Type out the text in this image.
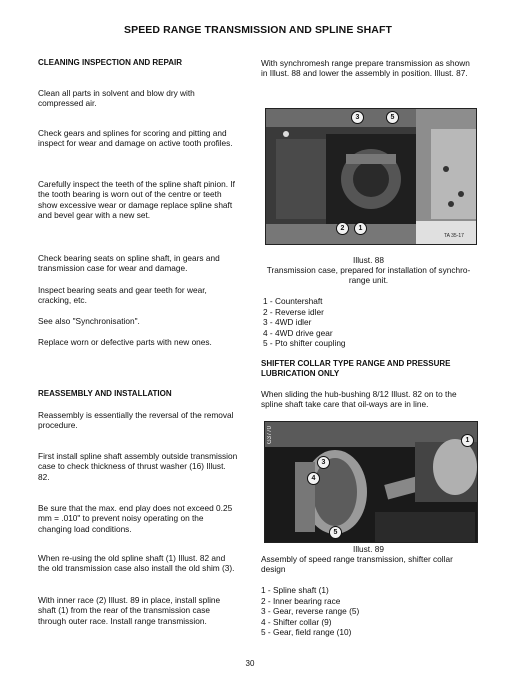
SPEED RANGE TRANSMISSION AND SPLINE SHAFT
CLEANING INSPECTION AND REPAIR
Clean all parts in solvent and blow dry with compressed air.
Check gears and splines for scoring and pitting and inspect for wear and damage on active tooth profiles.
Carefully inspect the teeth of the spline shaft pinion. If the tooth bearing is worn out of the centre or teeth show excessive wear or damage replace spline shaft and bevel gear with a new set.
Check bearing seats on spline shaft, in gears and transmission case for wear and damage.
Inspect bearing seats and gear teeth for wear, cracking, etc.
See also "Synchronisation".
Replace worn or defective parts with new ones.
REASSEMBLY AND INSTALLATION
Reassembly is essentially the reversal of the removal procedure.
First install spline shaft assembly outside transmission case to check thickness of thrust washer (16) Illust. 82.
Be sure that the max. end play does not exceed 0.25 mm = .010" to prevent noisy operating on the changing load conditions.
When re-using the old spline shaft (1) Illust. 82 and the old transmission case also install the old shim (3).
With inner race (2) Illust. 89 in place, install spline shaft (1) from the rear of the transmission case through outer race. Install range transmission.
With synchromesh range prepare transmission as shown in Illust. 88 and lower the assembly in position. Illust. 87.
3	5
2	1
TA 35-17
Illust. 88
Transmission case, prepared for installation of synchro-range unit.
1 - Countershaft
2 - Reverse idler
3 - 4WD idler
4 - 4WD drive gear
5 - Pto shifter coupling
SHIFTER COLLAR TYPE RANGE AND PRESSURE LUBRICATION ONLY
When sliding the hub-bushing 8/12 Illust. 82 on to the spline shaft take care that oil-ways are in line.
G3770
3
4
1
5
Illust. 89
Assembly of speed range transmission, shifter collar design
1 - Spline shaft (1)
2 - Inner bearing race
3 - Gear, reverse range (5)
4 - Shifter collar (9)
5 - Gear, field range (10)
30
